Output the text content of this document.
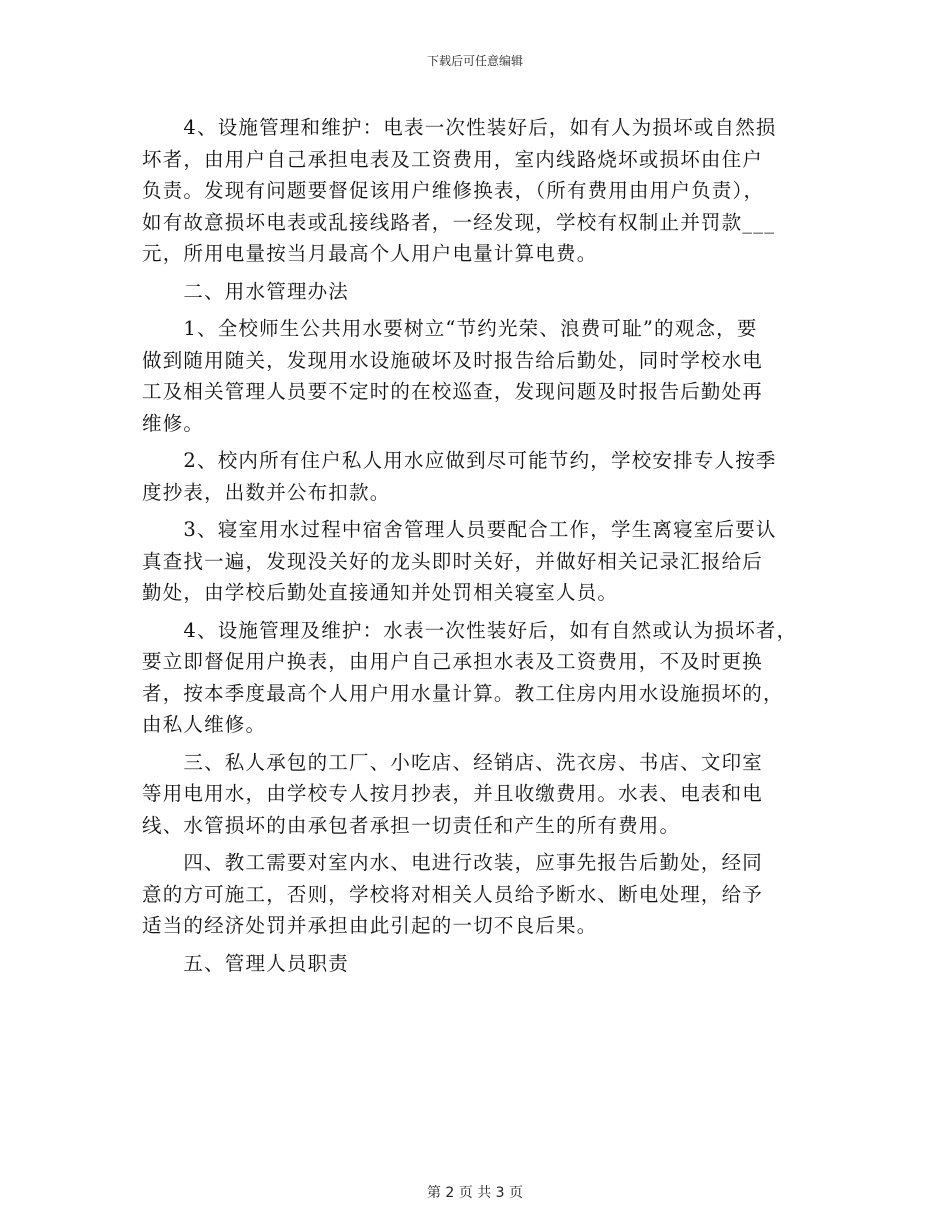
下载后可任意编辑

　　4、设施管理和维护：电表一次性装好后，如有人为损坏或自然损
坏者，由用户自己承担电表及工资费用，室内线路烧坏或损坏由住户
负责。发现有问题要督促该用户维修换表，（所有费用由用户负责），
如有故意损坏电表或乱接线路者，一经发现，学校有权制止并罚款___
元，所用电量按当月最高个人用户电量计算电费。

　　二、用水管理办法

　　1、全校师生公共用水要树立“节约光荣、浪费可耻”的观念，要
做到随用随关，发现用水设施破坏及时报告给后勤处，同时学校水电
工及相关管理人员要不定时的在校巡查，发现问题及时报告后勤处再
维修。

　　2、校内所有住户私人用水应做到尽可能节约，学校安排专人按季
度抄表，出数并公布扣款。

　　3、寝室用水过程中宿舍管理人员要配合工作，学生离寝室后要认
真查找一遍，发现没关好的龙头即时关好，并做好相关记录汇报给后
勤处，由学校后勤处直接通知并处罚相关寝室人员。

　　4、设施管理及维护：水表一次性装好后，如有自然或认为损坏者，
要立即督促用户换表，由用户自己承担水表及工资费用，不及时更换
者，按本季度最高个人用户用水量计算。教工住房内用水设施损坏的，
由私人维修。

　　三、私人承包的工厂、小吃店、经销店、洗衣房、书店、文印室
等用电用水，由学校专人按月抄表，并且收缴费用。水表、电表和电
线、水管损坏的由承包者承担一切责任和产生的所有费用。

　　四、教工需要对室内水、电进行改装，应事先报告后勤处，经同
意的方可施工，否则，学校将对相关人员给予断水、断电处理，给予
适当的经济处罚并承担由此引起的一切不良后果。

　　五、管理人员职责

第 2 页 共 3 页
